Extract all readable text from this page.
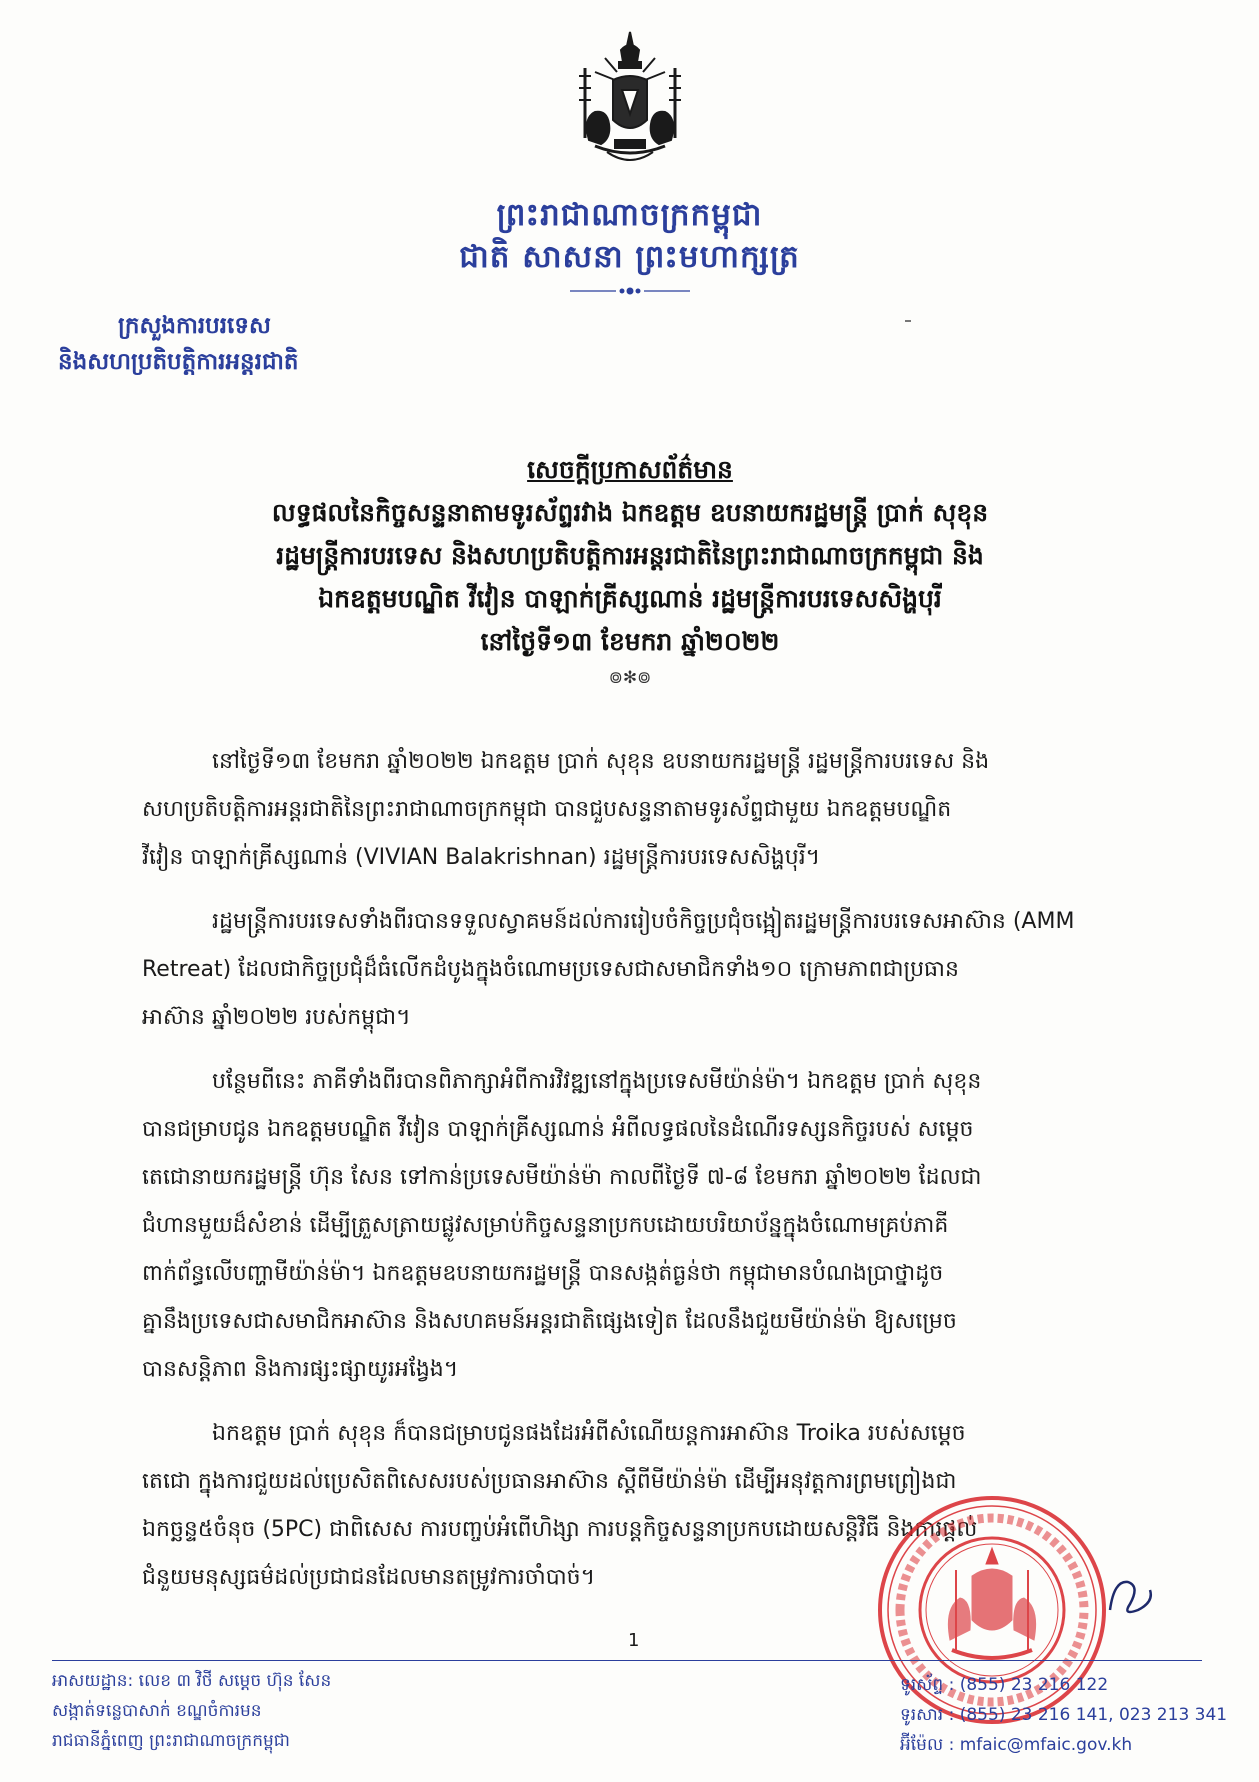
ព្រះរាជាណាចក្រកម្ពុជា
ជាតិ សាសនា ព្រះមហាក្សត្រ
ក្រសួងការបរទេស
និងសហប្រតិបត្តិការអន្តរជាតិ
សេចក្ដីប្រកាសព័ត៌មាន
លទ្ធផលនៃកិច្ចសន្ទនាតាមទូរស័ព្ទរវាង ឯកឧត្តម ឧបនាយករដ្ឋមន្ត្រី ប្រាក់ សុខុន
រដ្ឋមន្ត្រីការបរទេស និងសហប្រតិបត្តិការអន្តរជាតិនៃព្រះរាជាណាចក្រកម្ពុជា និង
ឯកឧត្តមបណ្ឌិត វីវៀន បាឡាក់គ្រីស្សណាន់ រដ្ឋមន្ត្រីការបរទេសសិង្ហបុរី
នៅថ្ងៃទី១៣ ខែមករា ឆ្នាំ២០២២
៙✻៙
នៅថ្ងៃទី១៣ ខែមករា ឆ្នាំ២០២២ ឯកឧត្តម ប្រាក់ សុខុន ឧបនាយករដ្ឋមន្ត្រី រដ្ឋមន្ត្រីការបរទេស និង
សហប្រតិបត្តិការអន្តរជាតិនៃព្រះរាជាណាចក្រកម្ពុជា បានជួបសន្ទនាតាមទូរស័ព្ទជាមួយ ឯកឧត្តមបណ្ឌិត
វីវៀន បាឡាក់គ្រីស្សណាន់ (VIVIAN Balakrishnan) រដ្ឋមន្ត្រីការបរទេសសិង្ហបុរី។
រដ្ឋមន្ត្រីការបរទេសទាំងពីរបានទទួលស្វាគមន៍ដល់ការរៀបចំកិច្ចប្រជុំចង្អៀតរដ្ឋមន្ត្រីការបរទេសអាស៊ាន (AMM
Retreat) ដែលជាកិច្ចប្រជុំដ៏ធំលើកដំបូងក្នុងចំណោមប្រទេសជាសមាជិកទាំង១០ ក្រោមភាពជាប្រធាន
អាស៊ាន ឆ្នាំ២០២២ របស់កម្ពុជា។
បន្ថែមពីនេះ ភាគីទាំងពីរបានពិភាក្សាអំពីការវិវឌ្ឍនៅក្នុងប្រទេសមីយ៉ាន់ម៉ា។ ឯកឧត្តម ប្រាក់ សុខុន
បានជម្រាបជូន ឯកឧត្តមបណ្ឌិត វីវៀន បាឡាក់គ្រីស្សណាន់ អំពីលទ្ធផលនៃដំណើរទស្សនកិច្ចរបស់ សម្តេច
តេជោនាយករដ្ឋមន្ត្រី ហ៊ុន សែន ទៅកាន់ប្រទេសមីយ៉ាន់ម៉ា កាលពីថ្ងៃទី ៧-៨ ខែមករា ឆ្នាំ២០២២ ដែលជា
ជំហានមួយដ៏សំខាន់ ដើម្បីត្រួសត្រាយផ្លូវសម្រាប់កិច្ចសន្ទនាប្រកបដោយបរិយាប័ន្នក្នុងចំណោមគ្រប់ភាគី
ពាក់ព័ន្ធលើបញ្ហាមីយ៉ាន់ម៉ា។ ឯកឧត្តមឧបនាយករដ្ឋមន្ត្រី បានសង្កត់ធ្ងន់ថា កម្ពុជាមានបំណងប្រាថ្នាដូច
គ្នានឹងប្រទេសជាសមាជិកអាស៊ាន និងសហគមន៍អន្តរជាតិផ្សេងទៀត ដែលនឹងជួយមីយ៉ាន់ម៉ា ឱ្យសម្រេច
បានសន្តិភាព និងការផ្សះផ្សាយូរអង្វែង។
ឯកឧត្តម ប្រាក់ សុខុន ក៏បានជម្រាបជូនផងដែរអំពីសំណើយន្តការអាស៊ាន Troika របស់សម្តេច
តេជោ ក្នុងការជួយដល់ប្រេសិតពិសេសរបស់ប្រធានអាស៊ាន ស្តីពីមីយ៉ាន់ម៉ា ដើម្បីអនុវត្តការព្រមព្រៀងជា
ឯកច្ឆន្ទ៥ចំនុច (5PC) ជាពិសេស ការបញ្ចប់អំពើហិង្សា ការបន្តកិច្ចសន្ទនាប្រកបដោយសន្តិវិធី និងការផ្តល់
ជំនួយមនុស្សធម៌ដល់ប្រជាជនដែលមានតម្រូវការចាំបាច់។
1
អាសយដ្ឋាន: លេខ ៣ វិថី សម្តេច ហ៊ុន សែន
សង្កាត់ទន្លេបាសាក់ ខណ្ឌចំការមន
រាជធានីភ្នំពេញ ព្រះរាជាណាចក្រកម្ពុជា
ទូរស័ព្ទ : (855) 23 216 122
ទូរសារ : (855) 23 216 141, 023 213 341
អ៊ីម៉ែល : mfaic@mfaic.gov.kh
